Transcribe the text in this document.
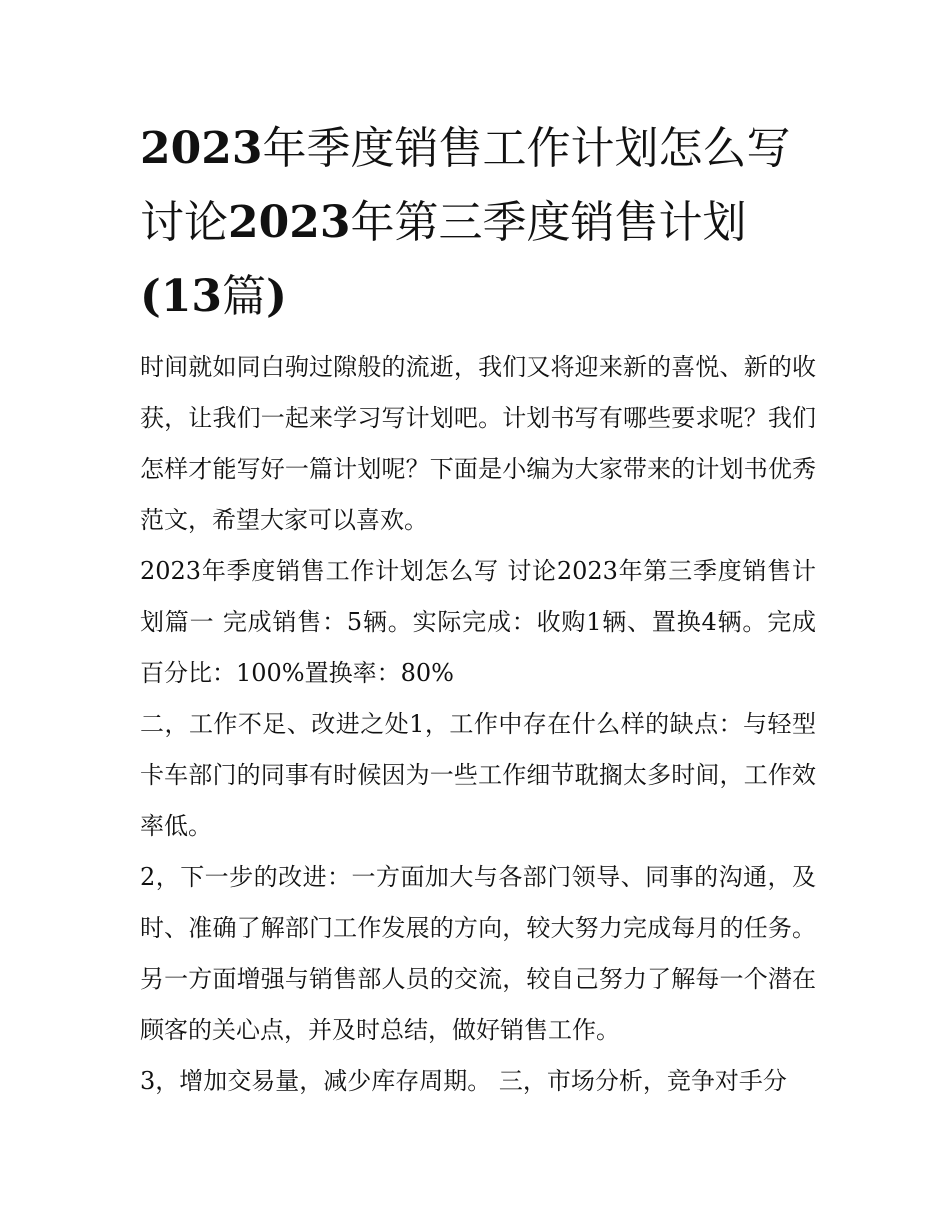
2023年季度销售工作计划怎么写 讨论2023年第三季度销售计划(13篇)

时间就如同白驹过隙般的流逝，我们又将迎来新的喜悦、新的收获，让我们一起来学习写计划吧。计划书写有哪些要求呢？我们怎样才能写好一篇计划呢？下面是小编为大家带来的计划书优秀范文，希望大家可以喜欢。

2023年季度销售工作计划怎么写 讨论2023年第三季度销售计划篇一 完成销售：5辆。实际完成：收购1辆、置换4辆。完成百分比：100%置换率：80%

二，工作不足、改进之处1，工作中存在什么样的缺点：与轻型卡车部门的同事有时候因为一些工作细节耽搁太多时间，工作效率低。

2，下一步的改进：一方面加大与各部门领导、同事的沟通，及时、准确了解部门工作发展的方向，较大努力完成每月的任务。另一方面增强与销售部人员的交流，较自己努力了解每一个潜在顾客的关心点，并及时总结，做好销售工作。

3，增加交易量，减少库存周期。 三，市场分析，竞争对手分
